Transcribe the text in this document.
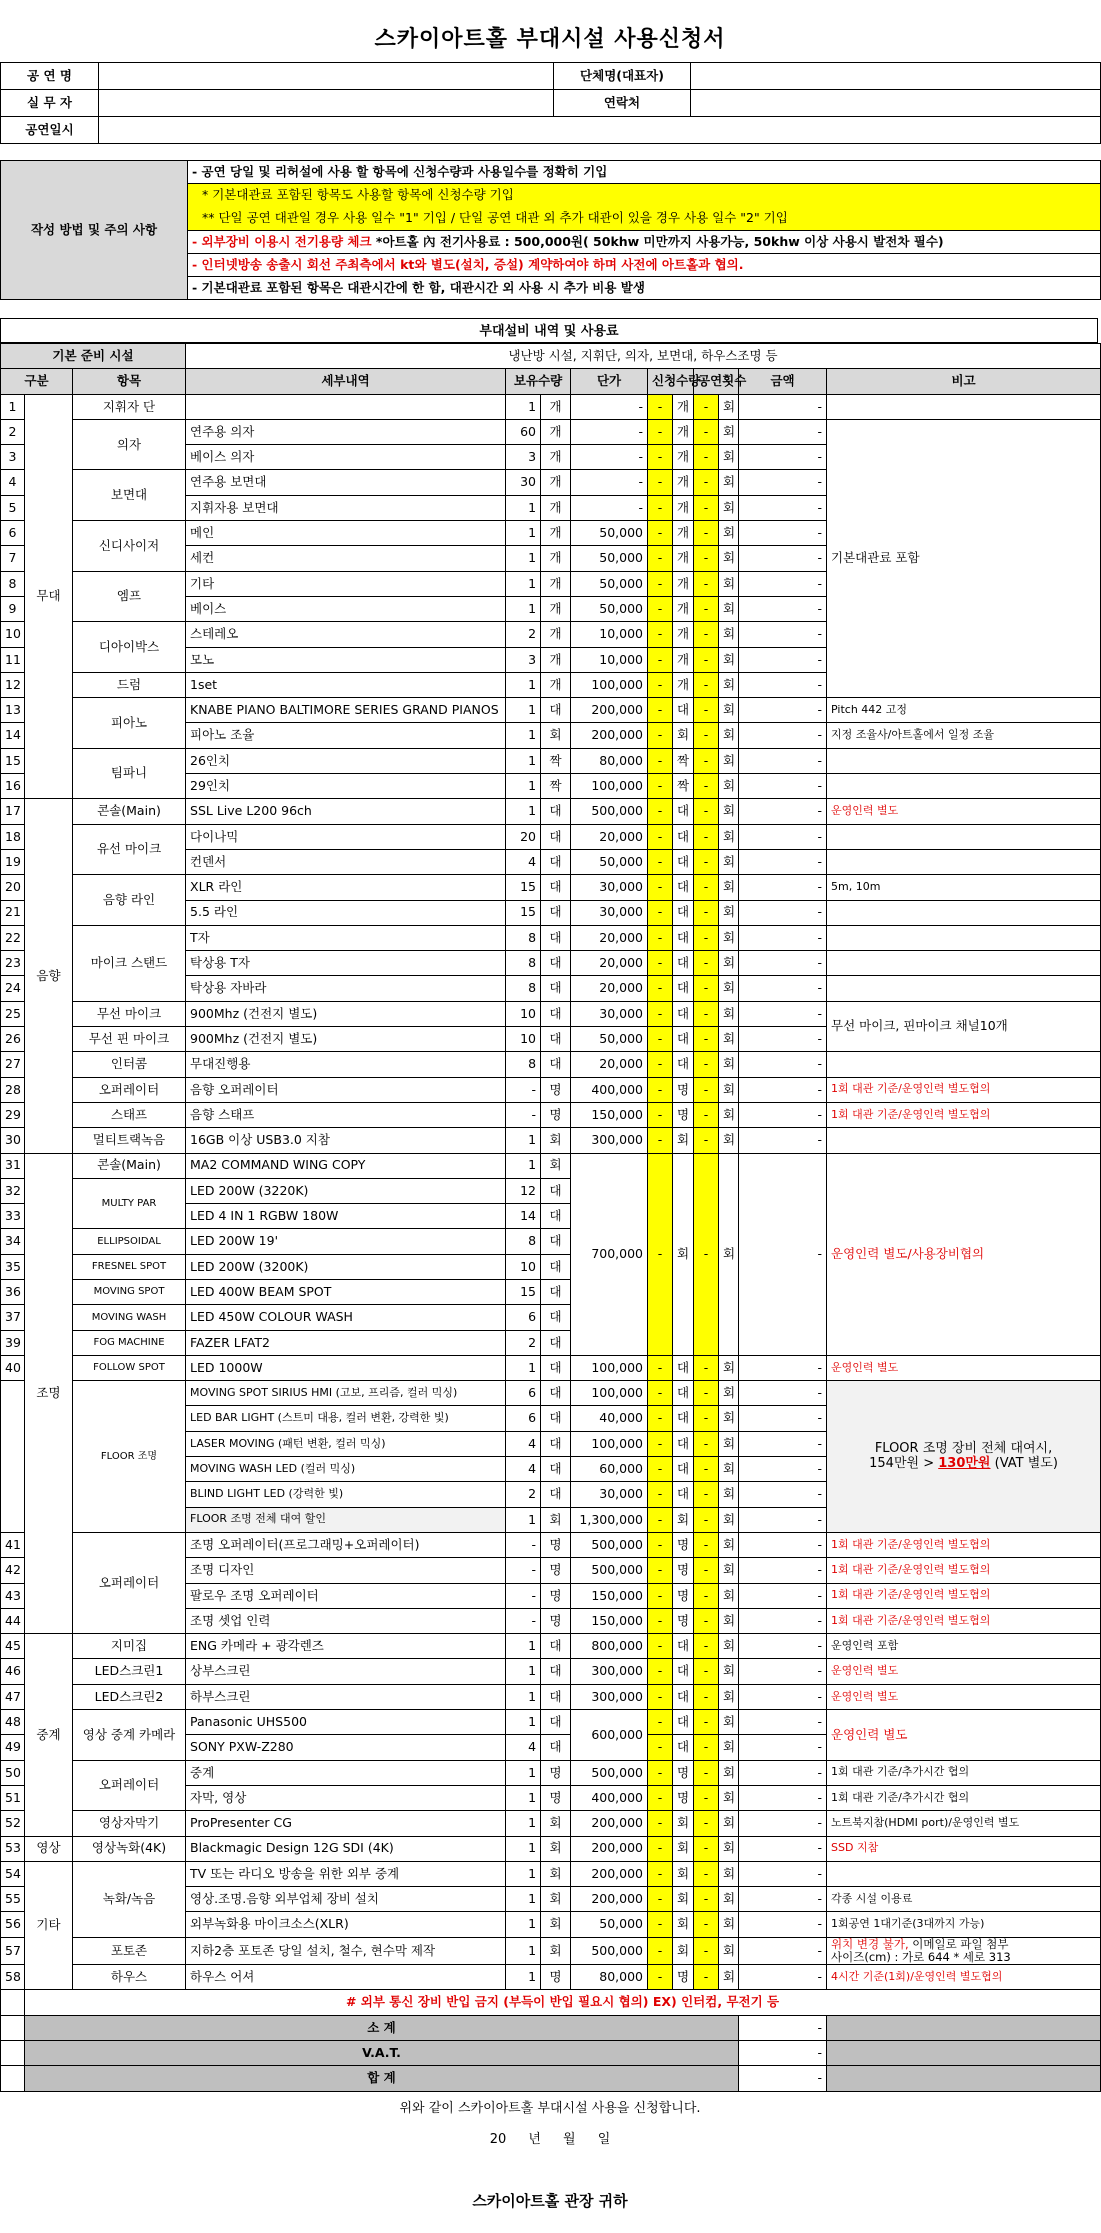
스카이아트홀 부대시설 사용신청서
공 연 명		단체명(대표자)	
실 무 자		연락처	
공연일시			
작성 방법 및 주의 사항	- 공연 당일 및 리허설에 사용 할 항목에 신청수량과 사용일수를 정확히 기입
* 기본대관료 포함된 항목도 사용할 항목에 신청수량 기입
** 단일 공연 대관일 경우 사용 일수 "1" 기입 / 단일 공연 대관 외 추가 대관이 있을 경우 사용 일수 "2" 기입
- 외부장비 이용시 전기용량 체크 *아트홀 內 전기사용료 : 500,000원( 50khw 미만까지 사용가능, 50khw 이상 사용시 발전차 필수)
- 인터넷방송 송출시 회선 주최측에서 kt와 별도(설치, 증설) 계약하여야 하며 사전에 아트홀과 협의.
- 기본대관료 포함된 항목은 대관시간에 한 함, 대관시간 외 사용 시 추가 비용 발생
부대설비 내역 및 사용료
기본 준비 시설			냉난방 시설, 지휘단, 의자, 보면대, 하우스조명 등									
구분		항목	세부내역	보유수량		단가	신청수량		공연횟수		금액	비고
1	무대	지휘자 단		1	개	-	-	개	-	회	-	
2		의자	연주용 의자	60	개	-	-	개	-	회	-	기본대관료 포함
3			베이스 의자	3	개	-	-	개	-	회	-	
4		보면대	연주용 보면대	30	개	-	-	개	-	회	-	
5			지휘자용 보면대	1	개	-	-	개	-	회	-	
6		신디사이저	메인	1	개	50,000	-	개	-	회	-	
7			세컨	1	개	50,000	-	개	-	회	-	
8		엠프	기타	1	개	50,000	-	개	-	회	-	
9			베이스	1	개	50,000	-	개	-	회	-	
10		디아이박스	스테레오	2	개	10,000	-	개	-	회	-	
11			모노	3	개	10,000	-	개	-	회	-	
12		드럼	1set	1	개	100,000	-	개	-	회	-	
13		피아노	KNABE PIANO BALTIMORE SERIES GRAND PIANOS	1	대	200,000	-	대	-	회	-	Pitch 442 고정
14			피아노 조율	1	회	200,000	-	회	-	회	-	지정 조율사/아트홀에서 일정 조율
15		팀파니	26인치	1	짝	80,000	-	짝	-	회	-	
16			29인치	1	짝	100,000	-	짝	-	회	-	
17	음향	콘솔(Main)	SSL Live L200 96ch	1	대	500,000	-	대	-	회	-	운영인력 별도
18		유선 마이크	다이나믹	20	대	20,000	-	대	-	회	-	
19			컨덴서	4	대	50,000	-	대	-	회	-	
20		음향 라인	XLR 라인	15	대	30,000	-	대	-	회	-	5m, 10m
21			5.5 라인	15	대	30,000	-	대	-	회	-	
22		마이크 스탠드	T자	8	대	20,000	-	대	-	회	-	
23			탁상용 T자	8	대	20,000	-	대	-	회	-	
24			탁상용 자바라	8	대	20,000	-	대	-	회	-	
25		무선 마이크	900Mhz (건전지 별도)	10	대	30,000	-	대	-	회	-	무선 마이크, 핀마이크 채널10개
26		무선 핀 마이크	900Mhz (건전지 별도)	10	대	50,000	-	대	-	회	-	
27		인터콤	무대진행용	8	대	20,000	-	대	-	회	-	
28		오퍼레이터	음향 오퍼레이터	-	명	400,000	-	명	-	회	-	1회 대관 기준/운영인력 별도협의
29		스태프	음향 스태프	-	명	150,000	-	명	-	회	-	1회 대관 기준/운영인력 별도협의
30		멀티트랙녹음	16GB 이상 USB3.0 지참	1	회	300,000	-	회	-	회	-	
31	조명	콘솔(Main)	MA2 COMMAND WING COPY	1	회	700,000	-	회	-	회	-	운영인력 별도/사용장비협의
32		MULTY PAR	LED 200W (3220K)	12	대							
33			LED 4 IN 1 RGBW 180W	14	대							
34		ELLIPSOIDAL	LED 200W 19'	8	대							
35		FRESNEL SPOT	LED 200W (3200K)	10	대							
36		MOVING SPOT	LED 400W BEAM SPOT	15	대							
37		MOVING WASH	LED 450W COLOUR WASH	6	대							
39		FOG MACHINE	FAZER LFAT2	2	대							
40		FOLLOW SPOT	LED 1000W	1	대	100,000	-	대	-	회	-	운영인력 별도
		FLOOR 조명	MOVING SPOT SIRIUS HMI (고보, 프리즘, 컬러 믹싱)	6	대	100,000	-	대	-	회	-	FLOOR 조명 장비 전체 대여시,
154만원 > 130만원 (VAT 별도)
			LED BAR LIGHT (스트미 대용, 컬러 변환, 강력한 빛)	6	대	40,000	-	대	-	회	-	
			LASER MOVING (패턴 변환, 컬러 믹싱)	4	대	100,000	-	대	-	회	-	
			MOVING WASH LED (컬러 믹싱)	4	대	60,000	-	대	-	회	-	
			BLIND LIGHT LED (강력한 빛)	2	대	30,000	-	대	-	회	-	
			FLOOR 조명 전체 대여 할인	1	회	1,300,000	-	회	-	회	-	
41		오퍼레이터	조명 오퍼레이터(프로그래밍+오퍼레이터)	-	명	500,000	-	명	-	회	-	1회 대관 기준/운영인력 별도협의
42			조명 디자인	-	명	500,000	-	명	-	회	-	1회 대관 기준/운영인력 별도협의
43			팔로우 조명 오퍼레이터	-	명	150,000	-	명	-	회	-	1회 대관 기준/운영인력 별도협의
44			조명 셋업 인력	-	명	150,000	-	명	-	회	-	1회 대관 기준/운영인력 별도협의
45	중계	지미집	ENG 카메라 + 광각렌즈	1	대	800,000	-	대	-	회	-	운영인력 포함
46		LED스크린1	상부스크린	1	대	300,000	-	대	-	회	-	운영인력 별도
47		LED스크린2	하부스크린	1	대	300,000	-	대	-	회	-	운영인력 별도
48		영상 중계 카메라	Panasonic UHS500	1	대	600,000	-	대	-	회	-	운영인력 별도
49			SONY PXW-Z280	4	대		-	대	-	회	-	
50		오퍼레이터	중계	1	명	500,000	-	명	-	회	-	1회 대관 기준/추가시간 협의
51			자막, 영상	1	명	400,000	-	명	-	회	-	1회 대관 기준/추가시간 협의
52		영상자막기	ProPresenter CG	1	회	200,000	-	회	-	회	-	노트북지참(HDMI port)/운영인력 별도
53	영상	영상녹화(4K)	Blackmagic Design 12G SDI (4K)	1	회	200,000	-	회	-	회	-	SSD 지참
54	기타	녹화/녹음	TV 또는 라디오 방송을 위한 외부 중계	1	회	200,000	-	회	-	회	-	
55			영상.조명.음향 외부업체 장비 설치	1	회	200,000	-	회	-	회	-	각종 시설 이용료
56			외부녹화용 마이크소스(XLR)	1	회	50,000	-	회	-	회	-	1회공연 1대기준(3대까지 가능)
57		포토존	지하2층 포토존 당일 설치, 철수, 현수막 제작	1	회	500,000	-	회	-	회	-	위치 변경 불가, 이메일로 파일 첨부
사이즈(cm) : 가로 644 * 세로 313
58		하우스	하우스 어셔	1	명	80,000	-	명	-	회	-	4시간 기준(1회)/운영인력 별도협의
	# 외부 통신 장비 반입 금지 (부득이 반입 필요시 협의) EX) 인터컴, 무전기 등											
	소 계										-	
	V.A.T.										-	
	합 계										-	
위와 같이 스카이아트홀 부대시설 사용을 신청합니다.
20 년 월 일
스카이아트홀 관장 귀하
